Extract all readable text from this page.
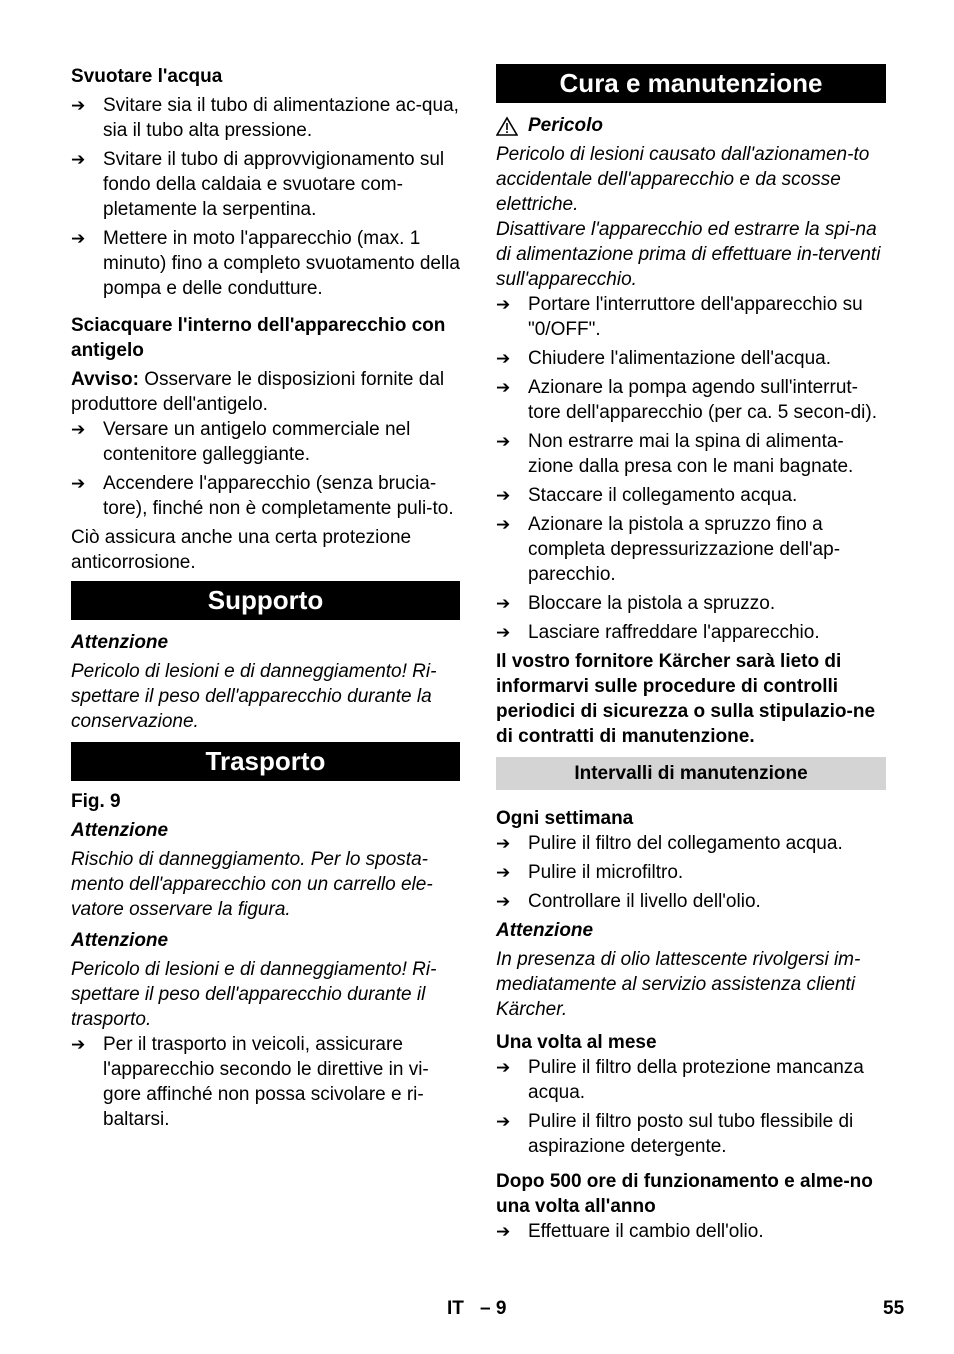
Svuotare l'acqua
➔ Svitare sia il tubo di alimentazione ac-qua, sia il tubo alta pressione.
➔ Svitare il tubo di approvvigionamento sul fondo della caldaia e svuotare com-pletamente la serpentina.
➔ Mettere in moto l'apparecchio (max. 1 minuto) fino a completo svuotamento della pompa e delle condutture.
Sciacquare l'interno dell'apparecchio con antigelo

Avviso: Osservare le disposizioni fornite dal produttore dell'antigelo.

➔ Versare un antigelo commerciale nel contenitore galleggiante.
➔ Accendere l'apparecchio (senza brucia-tore), finché non è completamente puli-to.

Ciò assicura anche una certa protezione anticorrosione.

Supporto
Attenzione

Pericolo di lesioni e di danneggiamento! Ri-spettare il peso dell'apparecchio durante la conservazione.

Trasporto
Fig. 9
Attenzione

Rischio di danneggiamento. Per lo sposta-mento dell'apparecchio con un carrello ele-vatore osservare la figura.

Attenzione

Pericolo di lesioni e di danneggiamento! Ri-spettare il peso dell'apparecchio durante il trasporto.

➔ Per il trasporto in veicoli, assicurare l'apparecchio secondo le direttive in vi-gore affinché non possa scivolare e ri-baltarsi.
Cura e manutenzione
Pericolo

Pericolo di lesioni causato dall'azionamen-to accidentale dell'apparecchio e da scosse elettriche.

Disattivare l'apparecchio ed estrarre la spi-na di alimentazione prima di effettuare in-terventi sull'apparecchio.

➔ Portare l'interruttore dell'apparecchio su "0/OFF".
➔ Chiudere l'alimentazione dell'acqua.
➔ Azionare la pompa agendo sull'interrut-tore dell'apparecchio (per ca. 5 secon-di).
➔ Non estrarre mai la spina di alimenta-zione dalla presa con le mani bagnate.
➔ Staccare il collegamento acqua.
➔ Azionare la pistola a spruzzo fino a completa depressurizzazione dell'ap-parecchio.
➔ Bloccare la pistola a spruzzo.
➔ Lasciare raffreddare l'apparecchio.

Il vostro fornitore Kärcher sarà lieto di informarvi sulle procedure di controlli periodici di sicurezza o sulla stipulazio-ne di contratti di manutenzione.

Intervalli di manutenzione
Ogni settimana
➔ Pulire il filtro del collegamento acqua.
➔ Pulire il microfiltro.
➔ Controllare il livello dell'olio.
Attenzione

In presenza di olio lattescente rivolgersi im-mediatamente al servizio assistenza clienti Kärcher.

Una volta al mese
➔ Pulire il filtro della protezione mancanza acqua.
➔ Pulire il filtro posto sul tubo flessibile di aspirazione detergente.
Dopo 500 ore di funzionamento e alme-no una volta all'anno
➔ Effettuare il cambio dell'olio.
IT – 9	55
